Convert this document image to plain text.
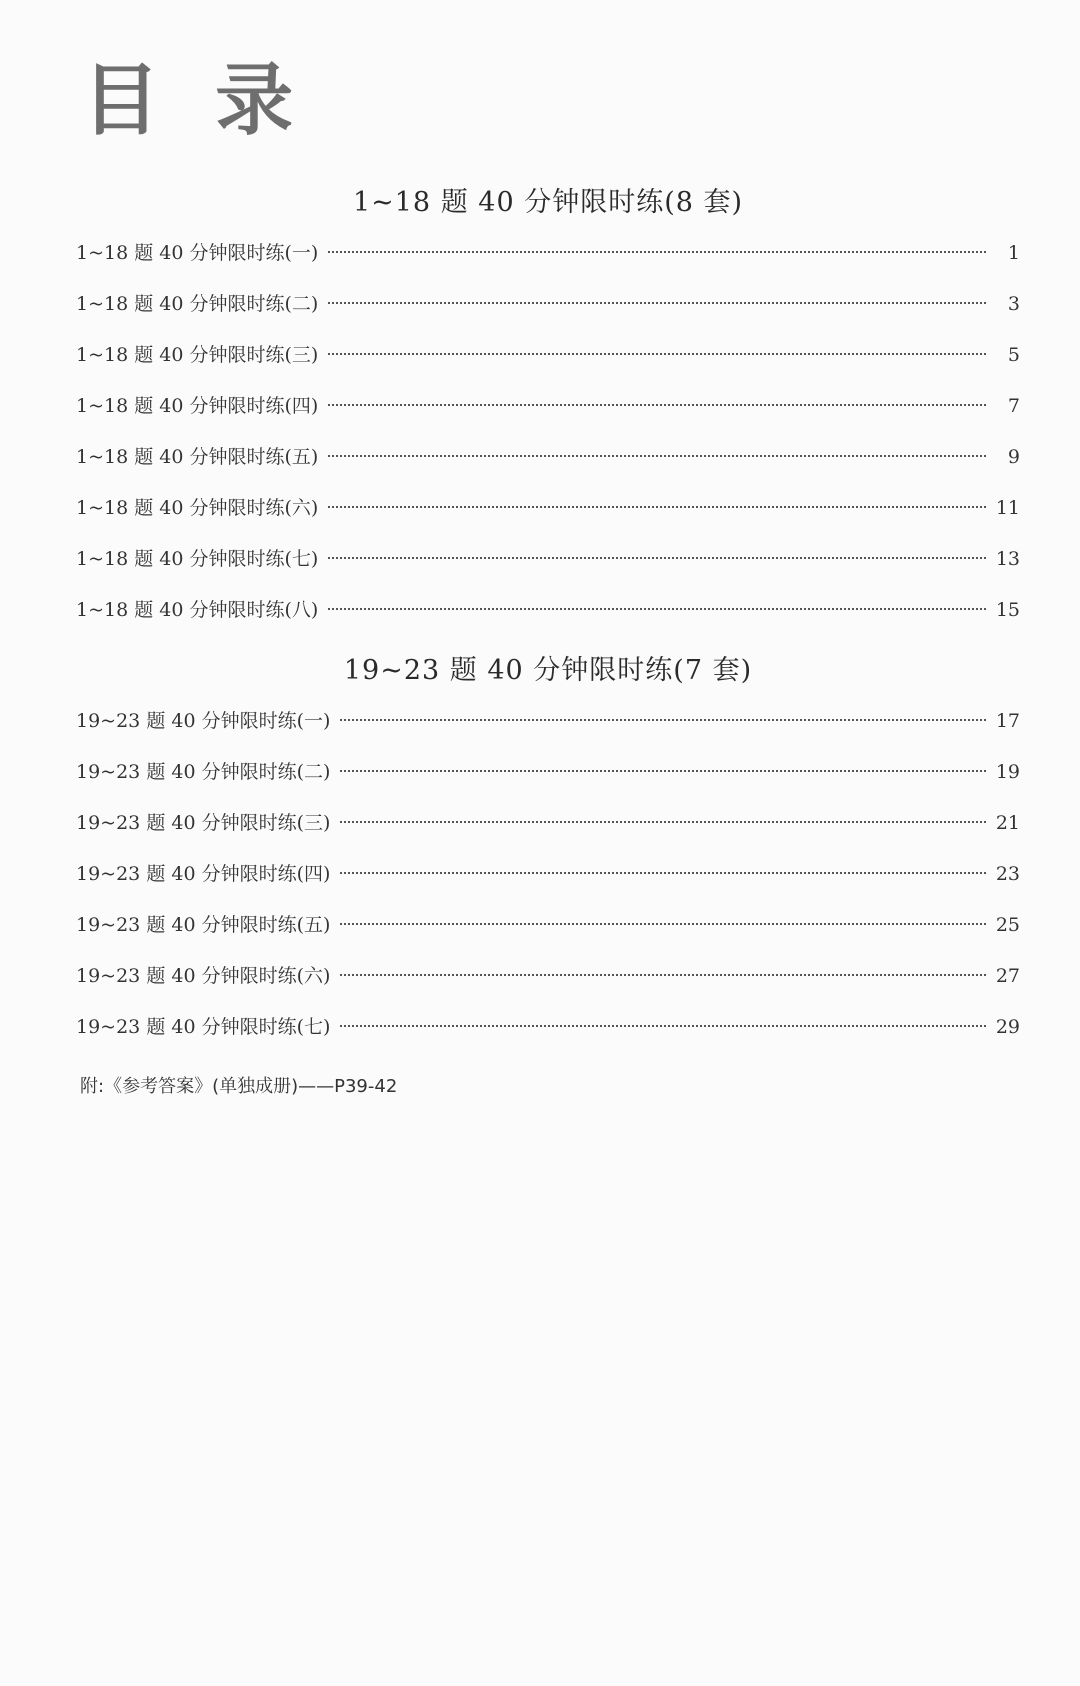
目 录
1~18 题 40 分钟限时练(8 套)
1~18 题 40 分钟限时练(一)	1
1~18 题 40 分钟限时练(二)	3
1~18 题 40 分钟限时练(三)	5
1~18 题 40 分钟限时练(四)	7
1~18 题 40 分钟限时练(五)	9
1~18 题 40 分钟限时练(六)	11
1~18 题 40 分钟限时练(七)	13
1~18 题 40 分钟限时练(八)	15
19~23 题 40 分钟限时练(7 套)
19~23 题 40 分钟限时练(一)	17
19~23 题 40 分钟限时练(二)	19
19~23 题 40 分钟限时练(三)	21
19~23 题 40 分钟限时练(四)	23
19~23 题 40 分钟限时练(五)	25
19~23 题 40 分钟限时练(六)	27
19~23 题 40 分钟限时练(七)	29
附:《参考答案》(单独成册)——P39-42
